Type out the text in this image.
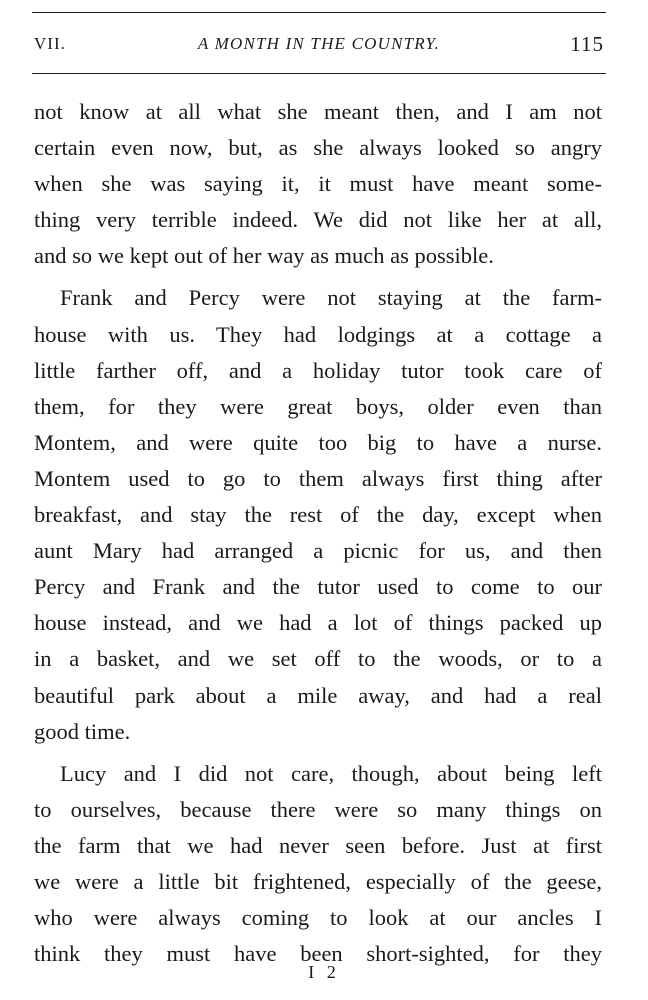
VII.	A MONTH IN THE COUNTRY.	115

not know at all what she meant then, and I am not
certain even now, but, as she always looked so angry
when she was saying it, it must have meant some-
thing very terrible indeed. We did not like her at all,
and so we kept out of her way as much as possible.

Frank and Percy were not staying at the farm-
house with us. They had lodgings at a cottage a
little farther off, and a holiday tutor took care of
them, for they were great boys, older even than
Montem, and were quite too big to have a nurse.
Montem used to go to them always first thing after
breakfast, and stay the rest of the day, except when
aunt Mary had arranged a picnic for us, and then
Percy and Frank and the tutor used to come to our
house instead, and we had a lot of things packed up
in a basket, and we set off to the woods, or to a
beautiful park about a mile away, and had a real
good time.

Lucy and I did not care, though, about being left
to ourselves, because there were so many things on
the farm that we had never seen before. Just at first
we were a little bit frightened, especially of the geese,
who were always coming to look at our ancles I
think they must have been short-sighted, for they

I 2
